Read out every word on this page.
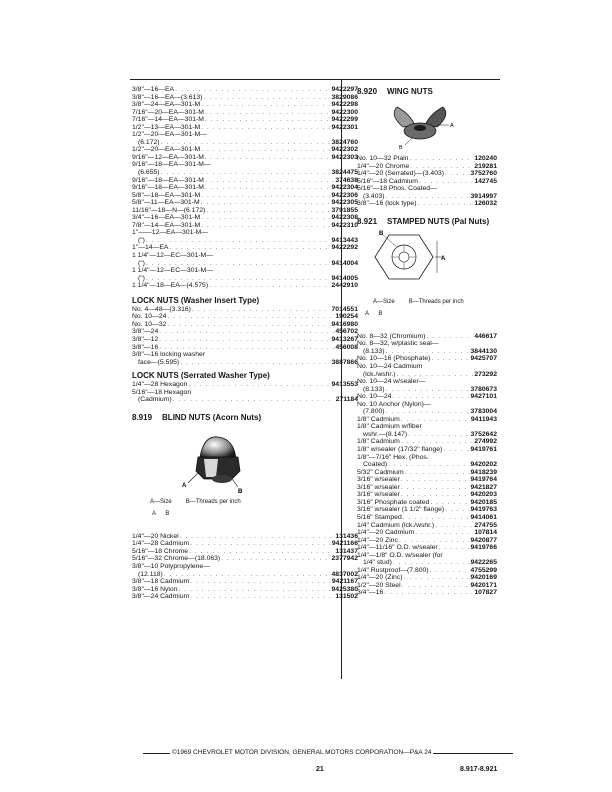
3/8"—16—EA . . .	9422297
3/8"—16—EA—(3.613) . . .	3829086
3/8"—24—EA—301-M . . .	9422298
7/16"—20—EA—301-M . . .	9422300
7/16"—14—EA—301-M . . .	9422299
1/2"—13—EA—301-M . . .	9422301
1/2"—20—EA—301-M—
(6.172) . . .	3824760
1/2"—20—EA—301-M . . .	9422302
9/16"—12—EA—301-M . . .	9422303
9/16"—18—EA—301-M—
(6.655) . . .	3824475
9/16"—18—EA—301-M . . .	374638
9/16"—18—EA—301-M . . .	9422304
5/8"—18—EA—301-M . . .	9422306
5/8"—11—EA—301-M . . .	9422305
11/16"—18—N—(6.172) . . .	3791855
3/4"—16—EA—301-M . . .	9422308
7/8"—14—EA—301-M . . .	9422310
1"——12—EA—301-M—
(") . . .	9413443
1"—14—EA . . .	9422292
1 1/4"—12—EC—301-M—
(") . . .	9414004
1 1/4"—12—EC—301-M—
(") . . .	9414005
1 1/4"—18—EA—(4.575) . . .	2442910
LOCK NUTS (Washer Insert Type)
No. 4—48—(3.316) . . .	7014551
No. 10—24 . . .	190254
No. 10—32 . . .	9416980
3/8"—24 . . .	456702
3/8"—12 . . .	9413267
3/8"—16 . . .	456008
3/8"—16 locking washer
face—(5.595) . . .	3887866
LOCK NUTS (Serrated Washer Type)
1/4"—28 Hexagon . . .	9413553
5/16"—18 Hexagon
(Cadmium) . . .	271184
8.919 BLIND NUTS (Acorn Nuts)
A
B
A—Size B—Threads per inch
A B
1/4"—20 Nickel . . .	131436
1/4"—28 Cadmium . . .	9421166
5/16"—18 Chrome . . .	131437
5/16"—32 Chrome—(18.063) . . .	2377942
3/8"—10 Polypropylene—
(12.118) . . .	4837002
3/8"—18 Cadmium . . .	9421167
3/8"—16 Nylon . . .	9425380
3/8"—24 Cadmium . . .	131502
8.920 WING NUTS
B
A
No. 10—32 Plain . . .	120240
1/4"—20 Chrome . . .	219281
1/4"—20 (Serrated)—(3.403) . . .	3752760
5/16"—18 Cadmium . . .	142745
5/16"—18 Phos. Coated—
(3.403) . . .	3914997
3/8"—16 (lock type) . . .	126032
8.921 STAMPED NUTS (Pal Nuts)
A
B
A—Size B—Threads per inch
A B
No. 8—32 (Chromium) . . .	446617
No. 8—32, w/plastic seal—
(8.133) . . .	3844130
No. 10—16 (Phosphate) . . .	9425707
No. 10—24 Cadmium
(lck./wshr.) . . .	273292
No. 10—24 w/sealer—
(8.133) . . .	3780673
No. 10—24 . . .	9427101
No. 10 Anchor (Nylon)—
(7.800) . . .	3783004
1/8" Cadmium . . .	9411943
1/8" Cadmium w/fiber
wshr.—(8.147) . . .	3752642
1/8" Cadmium . . .	274992
1/8" w/sealer (17/32" flange) . . .	9419761
1/8"—7/16" Hex. (Phos.
Coated) . . .	9420202
5/32" Cadmium . . .	9418239
3/16" w/sealer . . .	9419764
3/16" w/sealer . . .	9421827
3/16" w/sealer . . .	9420203
3/16" Phosphate coated . . .	9420185
3/16" w/sealer (1 1/2" flange) . . .	9419763
5/16" Stamped . . .	9414061
1/4" Cadmium (lck./wshr.) . . .	274755
1/4"—20 Cadmium . . .	107814
1/4"—20 Zinc . . .	9420877
1/4"—11/16" O.D. w/sealer . . .	9419766
1/4"—1/8" O.D. w/sealer (for
1/4" stud) . . .	9422265
1/4" Rustproof—(7.800) . . .	4755299
1/4"—20 (Zinc) . . .	9420169
1/2"—20 Steel . . .	9420171
3/4"—16 . . .	107827
©1969 CHEVROLET MOTOR DIVISION, GENERAL MOTORS CORPORATION—P&A 24
21	8.917-8.921
